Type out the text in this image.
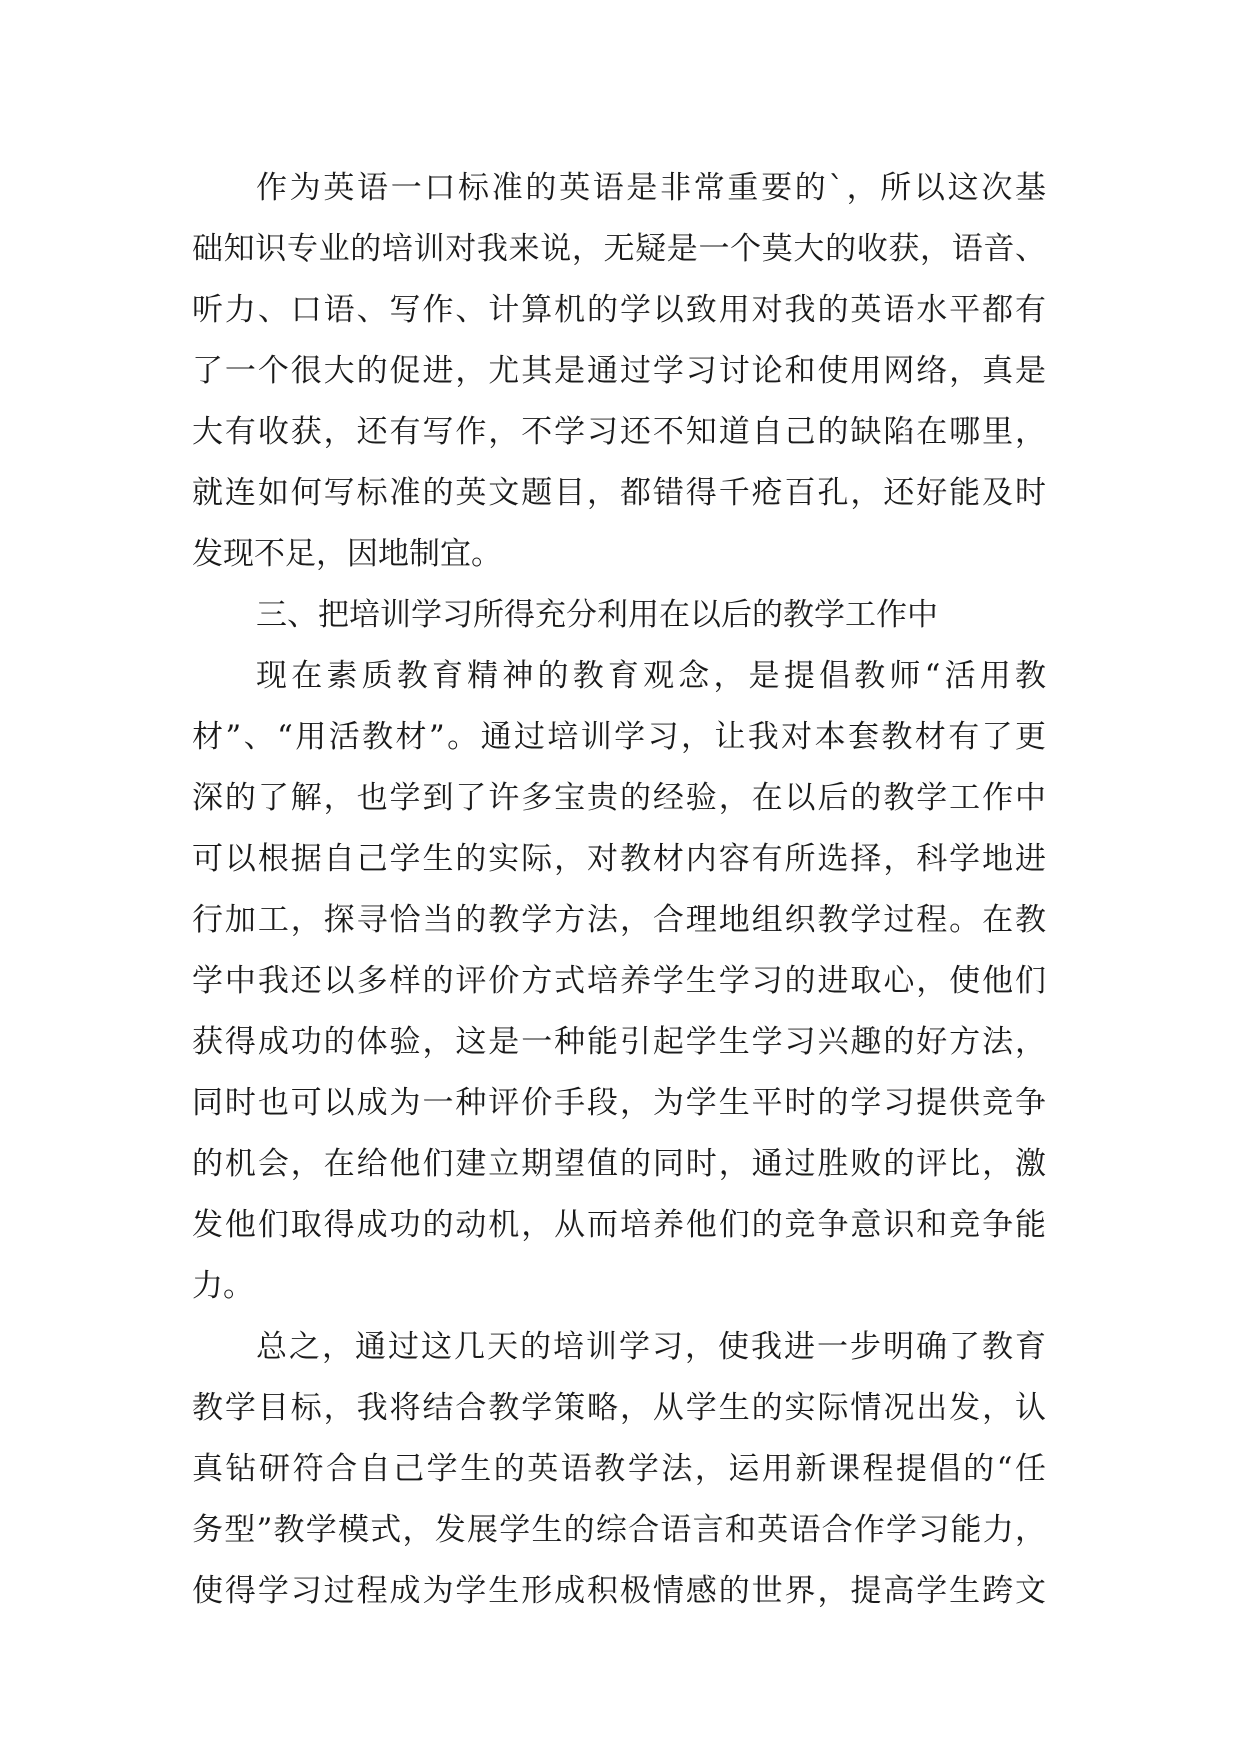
作为英语一口标准的英语是非常重要的`，所以这次基
础知识专业的培训对我来说，无疑是一个莫大的收获，语音、
听力、口语、写作、计算机的学以致用对我的英语水平都有
了一个很大的促进，尤其是通过学习讨论和使用网络，真是
大有收获，还有写作，不学习还不知道自己的缺陷在哪里，
就连如何写标准的英文题目，都错得千疮百孔，还好能及时
发现不足，因地制宜。
三、把培训学习所得充分利用在以后的教学工作中
现在素质教育精神的教育观念，是提倡教师“活用教
材”、“用活教材”。通过培训学习，让我对本套教材有了更
深的了解，也学到了许多宝贵的经验，在以后的教学工作中
可以根据自己学生的实际，对教材内容有所选择，科学地进
行加工，探寻恰当的教学方法，合理地组织教学过程。在教
学中我还以多样的评价方式培养学生学习的进取心，使他们
获得成功的体验，这是一种能引起学生学习兴趣的好方法，
同时也可以成为一种评价手段，为学生平时的学习提供竞争
的机会，在给他们建立期望值的同时，通过胜败的评比，激
发他们取得成功的动机，从而培养他们的竞争意识和竞争能
力。
总之，通过这几天的培训学习，使我进一步明确了教育
教学目标，我将结合教学策略，从学生的实际情况出发，认
真钻研符合自己学生的英语教学法，运用新课程提倡的“任
务型”教学模式，发展学生的综合语言和英语合作学习能力，
使得学习过程成为学生形成积极情感的世界，提高学生跨文
